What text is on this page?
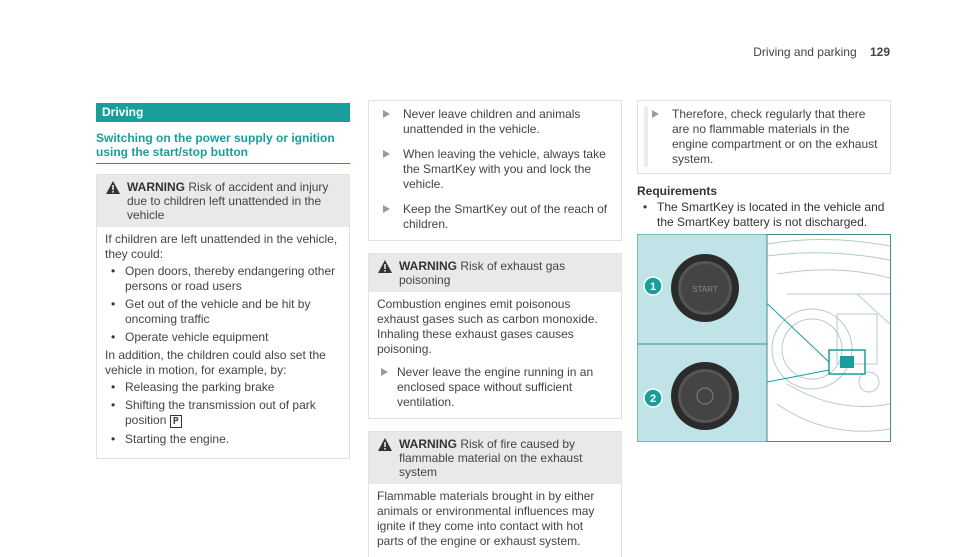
Driving and parking 129
Driving
Switching on the power supply or ignition using the start/stop button
WARNING Risk of accident and injury due to children left unattended in the vehicle

If children are left unattended in the vehicle, they could:

• Open doors, thereby endangering other persons or road users
• Get out of the vehicle and be hit by oncoming traffic
• Operate vehicle equipment

In addition, the children could also set the vehicle in motion, for example, by:

• Releasing the parking brake
• Shifting the transmission out of park position P
• Starting the engine.
Never leave children and animals unattended in the vehicle.
When leaving the vehicle, always take the SmartKey with you and lock the vehicle.
Keep the SmartKey out of the reach of children.
WARNING Risk of exhaust gas poisoning

Combustion engines emit poisonous exhaust gases such as carbon monoxide. Inhaling these exhaust gases causes poisoning.

Never leave the engine running in an enclosed space without sufficient ventilation.
WARNING Risk of fire caused by flammable material on the exhaust system

Flammable materials brought in by either animals or environmental influences may ignite if they come into contact with hot parts of the engine or exhaust system.

Therefore, check regularly that there are no flammable materials in the engine compartment or on the exhaust system.
Requirements
• The SmartKey is located in the vehicle and the SmartKey battery is not discharged.
START
1
2
